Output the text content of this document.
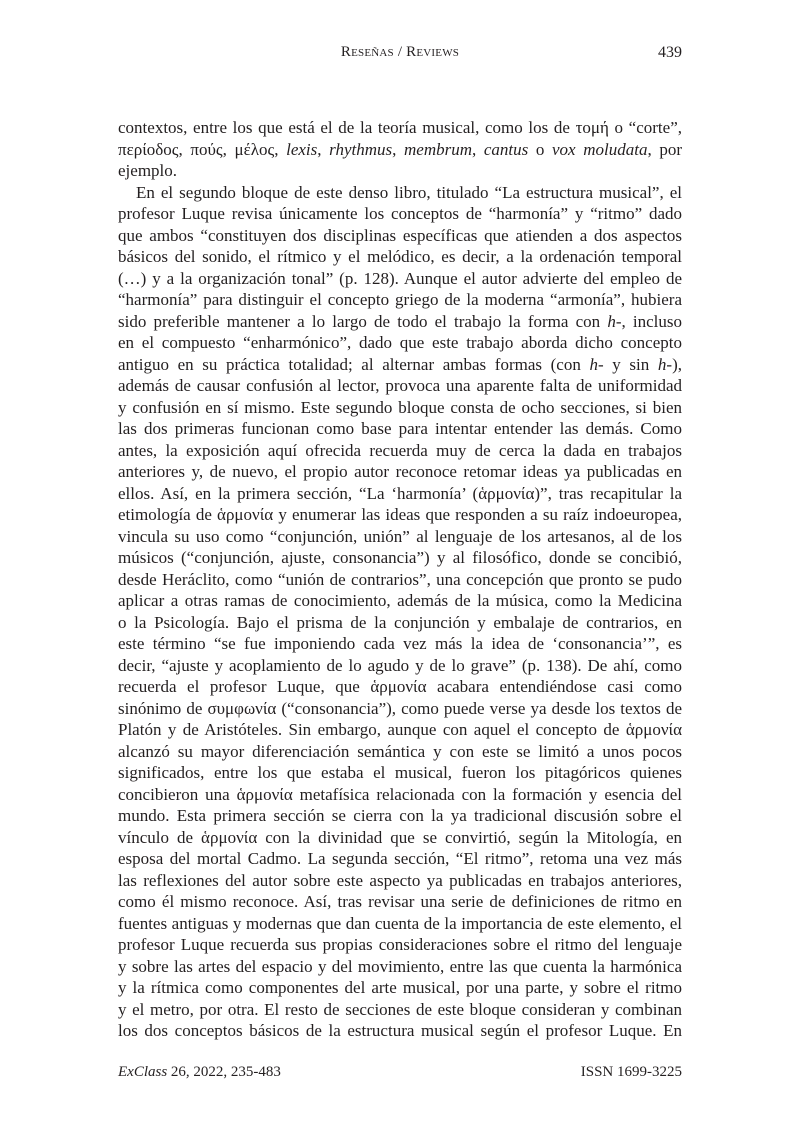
Reseñas / Reviews	439
contextos, entre los que está el de la teoría musical, como los de τομή o “corte”,
περίοδος, πούς, μέλος, lexis, rhythmus, membrum, cantus o vox moludata, por
ejemplo.
En el segundo bloque de este denso libro, titulado “La estructura musical”, el
profesor Luque revisa únicamente los conceptos de “harmonía” y “ritmo” dado
que ambos “constituyen dos disciplinas específicas que atienden a dos aspectos
básicos del sonido, el rítmico y el melódico, es decir, a la ordenación temporal
(…) y a la organización tonal” (p. 128). Aunque el autor advierte del empleo de
“harmonía” para distinguir el concepto griego de la moderna “armonía”, hubiera
sido preferible mantener a lo largo de todo el trabajo la forma con h-, incluso
en el compuesto “enharmónico”, dado que este trabajo aborda dicho concepto
antiguo en su práctica totalidad; al alternar ambas formas (con h- y sin h-),
además de causar confusión al lector, provoca una aparente falta de uniformidad
y confusión en sí mismo. Este segundo bloque consta de ocho secciones, si bien
las dos primeras funcionan como base para intentar entender las demás. Como
antes, la exposición aquí ofrecida recuerda muy de cerca la dada en trabajos
anteriores y, de nuevo, el propio autor reconoce retomar ideas ya publicadas en
ellos. Así, en la primera sección, “La ‘harmonía’ (ἁρμονία)”, tras recapitular la
etimología de ἁρμονία y enumerar las ideas que responden a su raíz indoeuropea,
vincula su uso como “conjunción, unión” al lenguaje de los artesanos, al de los
músicos (“conjunción, ajuste, consonancia”) y al filosófico, donde se concibió,
desde Heráclito, como “unión de contrarios”, una concepción que pronto se pudo
aplicar a otras ramas de conocimiento, además de la música, como la Medicina
o la Psicología. Bajo el prisma de la conjunción y embalaje de contrarios, en
este término “se fue imponiendo cada vez más la idea de ‘consonancia’”, es
decir, “ajuste y acoplamiento de lo agudo y de lo grave” (p. 138). De ahí, como
recuerda el profesor Luque, que ἁρμονία acabara entendiéndose casi como
sinónimo de συμφωνία (“consonancia”), como puede verse ya desde los textos de
Platón y de Aristóteles. Sin embargo, aunque con aquel el concepto de ἁρμονία
alcanzó su mayor diferenciación semántica y con este se limitó a unos pocos
significados, entre los que estaba el musical, fueron los pitagóricos quienes
concibieron una ἁρμονία metafísica relacionada con la formación y esencia del
mundo. Esta primera sección se cierra con la ya tradicional discusión sobre el
vínculo de ἁρμονία con la divinidad que se convirtió, según la Mitología, en
esposa del mortal Cadmo. La segunda sección, “El ritmo”, retoma una vez más
las reflexiones del autor sobre este aspecto ya publicadas en trabajos anteriores,
como él mismo reconoce. Así, tras revisar una serie de definiciones de ritmo en
fuentes antiguas y modernas que dan cuenta de la importancia de este elemento, el
profesor Luque recuerda sus propias consideraciones sobre el ritmo del lenguaje
y sobre las artes del espacio y del movimiento, entre las que cuenta la harmónica
y la rítmica como componentes del arte musical, por una parte, y sobre el ritmo
y el metro, por otra. El resto de secciones de este bloque consideran y combinan
los dos conceptos básicos de la estructura musical según el profesor Luque. En
ExClass 26, 2022, 235-483	ISSN 1699-3225
